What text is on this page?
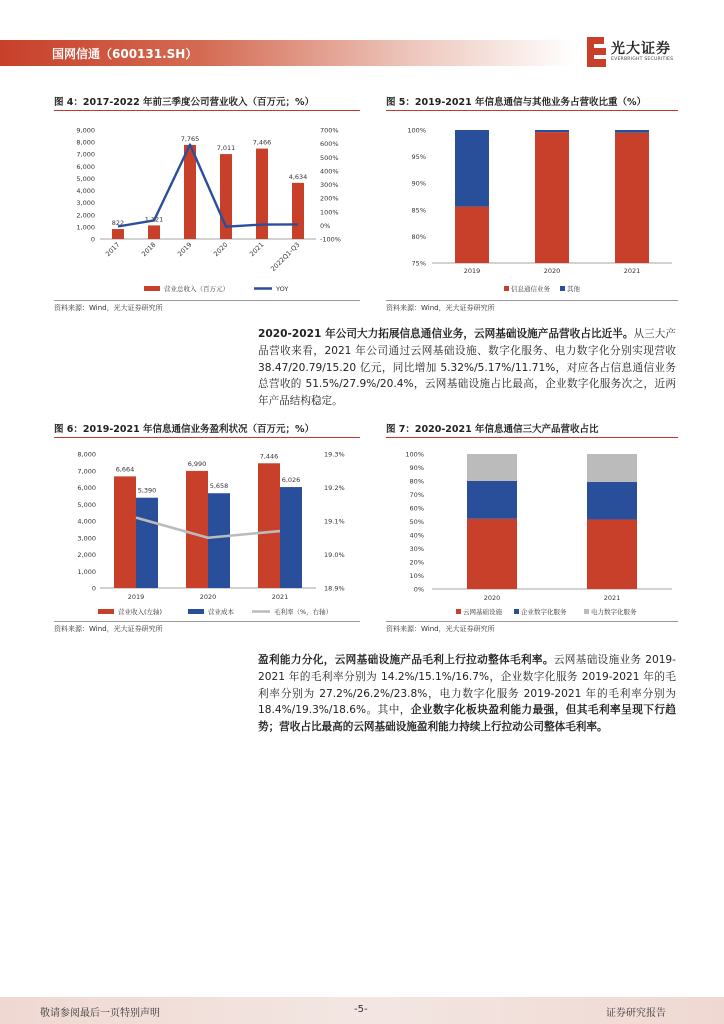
国网信通（600131.SH）	光大证券
EVERBRIGHT SECURITIES
图 4：2017-2022 年前三季度公司营业收入（百万元；%）
9,000
8,000
7,000
6,000
5,000
4,000
3,000
2,000
1,000
0
700%
600%
500%
400%
300%
200%
100%
0%
-100%
822
2017
1,121
2018
7,765
2019
7,011
2020
7,466
2021
4,634
2022Q1-Q3
营业总收入（百万元）	YOY
资料来源：Wind，光大证券研究所
图 5：2019-2021 年信息通信与其他业务占营收比重（%）
100%
95%
90%
85%
80%
75%
2019	2020	2021
信息通信业务	其他
资料来源：Wind，光大证券研究所
2020-2021 年公司大力拓展信息通信业务，云网基础设施产品营收占比近半。从三大产品营收来看，2021 年公司通过云网基础设施、数字化服务、电力数字化分别实现营收 38.47/20.79/15.20 亿元，同比增加 5.32%/5.17%/11.71%，对应各占信息通信业务总营收的 51.5%/27.9%/20.4%，云网基础设施占比最高，企业数字化服务次之，近两年产品结构稳定。
图 6：2019-2021 年信息通信业务盈利状况（百万元；%）
8,000
7,000
6,000
5,000
4,000
3,000
2,000
1,000
0
19.3%
19.2%
19.1%
19.0%
18.9%
6,664
5,390
2019
6,990
5,658
2020
7,446
6,026
2021
营业收入(左轴)	营业成本	毛利率（%，右轴）
资料来源：Wind，光大证券研究所
图 7：2020-2021 年信息通信三大产品营收占比
100%
90%
80%
70%
60%
50%
40%
30%
20%
10%
0%
2020	2021
云网基础设施	企业数字化服务	电力数字化服务
资料来源：Wind，光大证券研究所
盈利能力分化，云网基础设施产品毛利上行拉动整体毛利率。云网基础设施业务 2019-2021 年的毛利率分别为 14.2%/15.1%/16.7%，企业数字化服务 2019-2021 年的毛利率分别为 27.2%/26.2%/23.8%，电力数字化服务 2019-2021 年的毛利率分别为 18.4%/19.3%/18.6%。其中，企业数字化板块盈利能力最强，但其毛利率呈现下行趋势；营收占比最高的云网基础设施盈利能力持续上行拉动公司整体毛利率。
敬请参阅最后一页特别声明	-5-	证券研究报告
